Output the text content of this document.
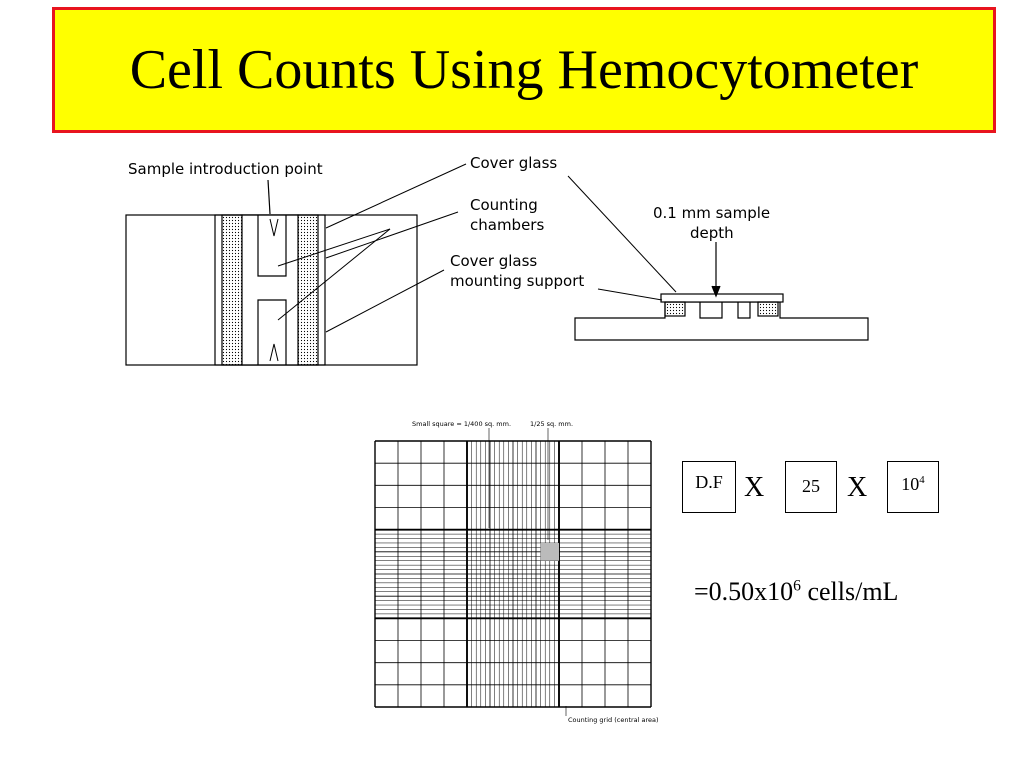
Cell Counts Using Hemocytometer
Sample introduction point	Cover glass
Counting
chambers
Cover glass
mounting support
0.1 mm sample
depth
Small square = 1/400 sq. mm.	1/25 sq. mm.
Counting grid (central area)
D.F X 25 X $10^4$
$=0.50x10^6$ cells/mL
